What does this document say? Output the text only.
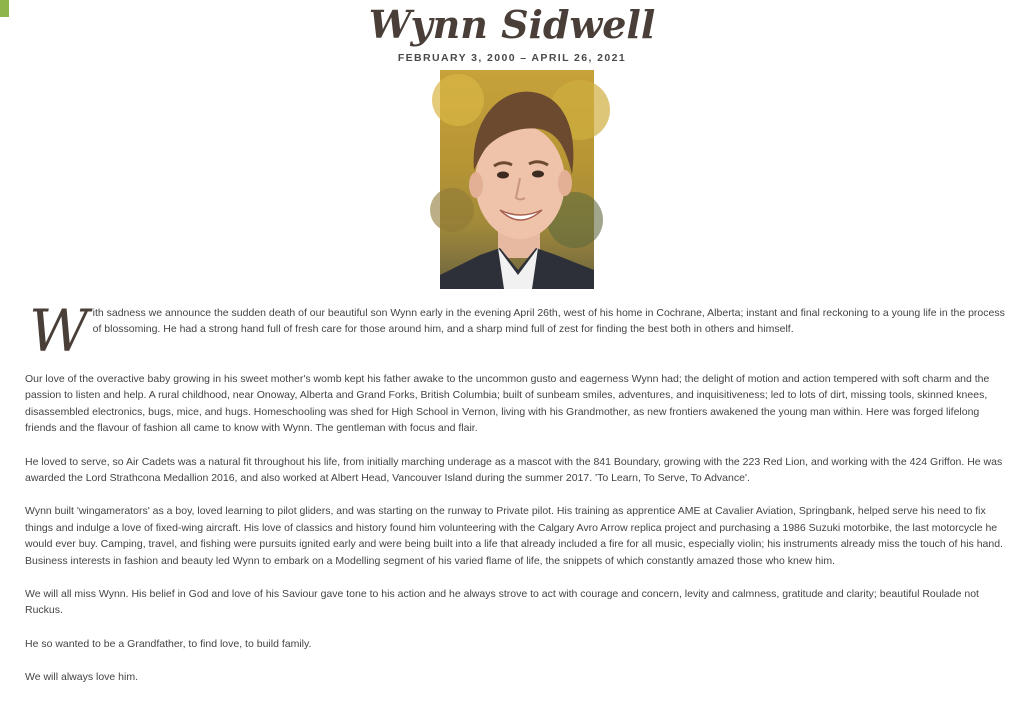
Wynn Sidwell
FEBRUARY 3, 2000 – APRIL 26, 2021

W ith sadness we announce the sudden death of our beautiful son Wynn early in the evening April 26th, west of his home in Cochrane, Alberta; instant and final reckoning to a young life in the process of blossoming. He had a strong hand full of fresh care for those around him, and a sharp mind full of zest for finding the best both in others and himself.

Our love of the overactive baby growing in his sweet mother's womb kept his father awake to the uncommon gusto and eagerness Wynn had; the delight of motion and action tempered with soft charm and the passion to listen and help. A rural childhood, near Onoway, Alberta and Grand Forks, British Columbia; built of sunbeam smiles, adventures, and inquisitiveness; led to lots of dirt, missing tools, skinned knees, disassembled electronics, bugs, mice, and hugs. Homeschooling was shed for High School in Vernon, living with his Grandmother, as new frontiers awakened the young man within. Here was forged lifelong friends and the flavour of fashion all came to know with Wynn. The gentleman with focus and flair.

He loved to serve, so Air Cadets was a natural fit throughout his life, from initially marching underage as a mascot with the 841 Boundary, growing with the 223 Red Lion, and working with the 424 Griffon. He was awarded the Lord Strathcona Medallion 2016, and also worked at Albert Head, Vancouver Island during the summer 2017. 'To Learn, To Serve, To Advance'.

Wynn built 'wingamerators' as a boy, loved learning to pilot gliders, and was starting on the runway to Private pilot. His training as apprentice AME at Cavalier Aviation, Springbank, helped serve his need to fix things and indulge a love of fixed-wing aircraft. His love of classics and history found him volunteering with the Calgary Avro Arrow replica project and purchasing a 1986 Suzuki motorbike, the last motorcycle he would ever buy. Camping, travel, and fishing were pursuits ignited early and were being built into a life that already included a fire for all music, especially violin; his instruments already miss the touch of his hand. Business interests in fashion and beauty led Wynn to embark on a Modelling segment of his varied flame of life, the snippets of which constantly amazed those who knew him.

We will all miss Wynn. His belief in God and love of his Saviour gave tone to his action and he always strove to act with courage and concern, levity and calmness, gratitude and clarity; beautiful Roulade not Ruckus.

He so wanted to be a Grandfather, to find love, to build family.

We will always love him.
